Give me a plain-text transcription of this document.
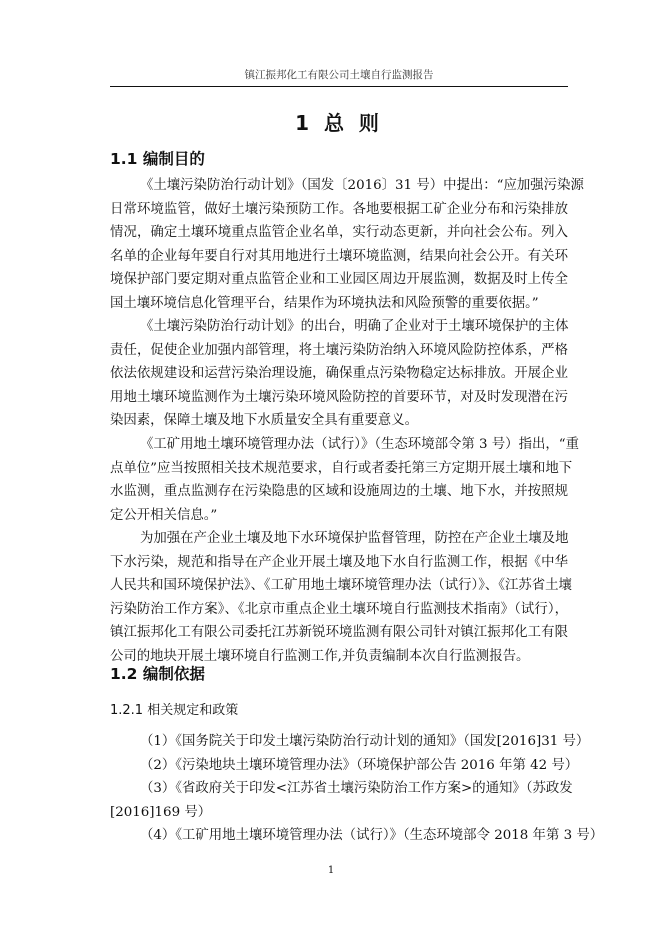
镇江振邦化工有限公司土壤自行监测报告
1 总 则
1.1 编制目的
《土壤污染防治行动计划》（国发〔2016〕31 号）中提出：“应加强污染源
日常环境监管，做好土壤污染预防工作。各地要根据工矿企业分布和污染排放
情况，确定土壤环境重点监管企业名单，实行动态更新，并向社会公布。列入
名单的企业每年要自行对其用地进行土壤环境监测，结果向社会公开。有关环
境保护部门要定期对重点监管企业和工业园区周边开展监测，数据及时上传全
国土壤环境信息化管理平台，结果作为环境执法和风险预警的重要依据。”
《土壤污染防治行动计划》的出台，明确了企业对于土壤环境保护的主体
责任，促使企业加强内部管理，将土壤污染防治纳入环境风险防控体系，严格
依法依规建设和运营污染治理设施，确保重点污染物稳定达标排放。开展企业
用地土壤环境监测作为土壤污染环境风险防控的首要环节，对及时发现潜在污
染因素，保障土壤及地下水质量安全具有重要意义。
《工矿用地土壤环境管理办法（试行）》（生态环境部令第 3 号）指出，“重
点单位”应当按照相关技术规范要求，自行或者委托第三方定期开展土壤和地下
水监测，重点监测存在污染隐患的区域和设施周边的土壤、地下水，并按照规
定公开相关信息。”
为加强在产企业土壤及地下水环境保护监督管理，防控在产企业土壤及地
下水污染，规范和指导在产企业开展土壤及地下水自行监测工作，根据《中华
人民共和国环境保护法》、《工矿用地土壤环境管理办法（试行）》、《江苏省土壤
污染防治工作方案》、《北京市重点企业土壤环境自行监测技术指南》（试行），
镇江振邦化工有限公司委托江苏新锐环境监测有限公司针对镇江振邦化工有限
公司的地块开展土壤环境自行监测工作,并负责编制本次自行监测报告。
1.2 编制依据
1.2.1 相关规定和政策
（1）《国务院关于印发土壤污染防治行动计划的通知》（国发[2016]31 号）
（2）《污染地块土壤环境管理办法》（环境保护部公告 2016 年第 42 号）
（3）《省政府关于印发<江苏省土壤污染防治工作方案>的通知》（苏政发
[2016]169 号）
（4）《工矿用地土壤环境管理办法（试行）》（生态环境部令 2018 年第 3 号）
1
